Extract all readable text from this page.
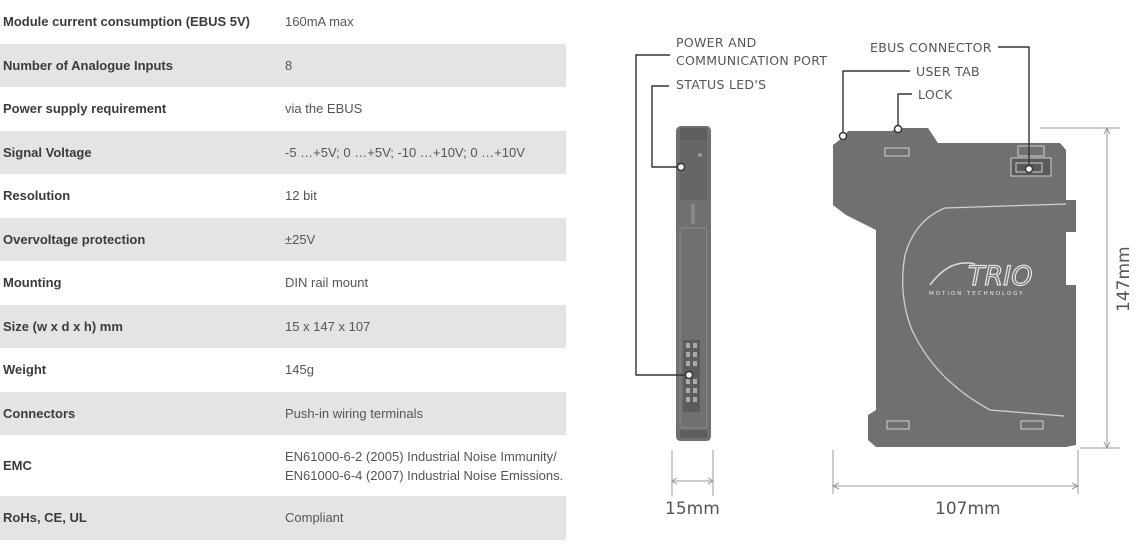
Module current consumption (EBUS 5V)	160mA max
Number of Analogue Inputs	8
Power supply requirement	via the EBUS
Signal Voltage	-5 …+5V; 0 …+5V; -10 …+10V; 0 …+10V
Resolution	12 bit
Overvoltage protection	±25V
Mounting	DIN rail mount
Size (w x d x h) mm	15 x 147 x 107
Weight	145g
Connectors	Push-in wiring terminals
EMC	EN61000-6-2 (2005) Industrial Noise Immunity/
EN61000-6-4 (2007) Industrial Noise Emissions.
RoHs, CE, UL	Compliant
TRIO
MOTION TECHNOLOGY
POWER AND
COMMUNICATION PORT
STATUS LED'S
EBUS CONNECTOR
USER TAB
LOCK
15mm	107mm
147mm
